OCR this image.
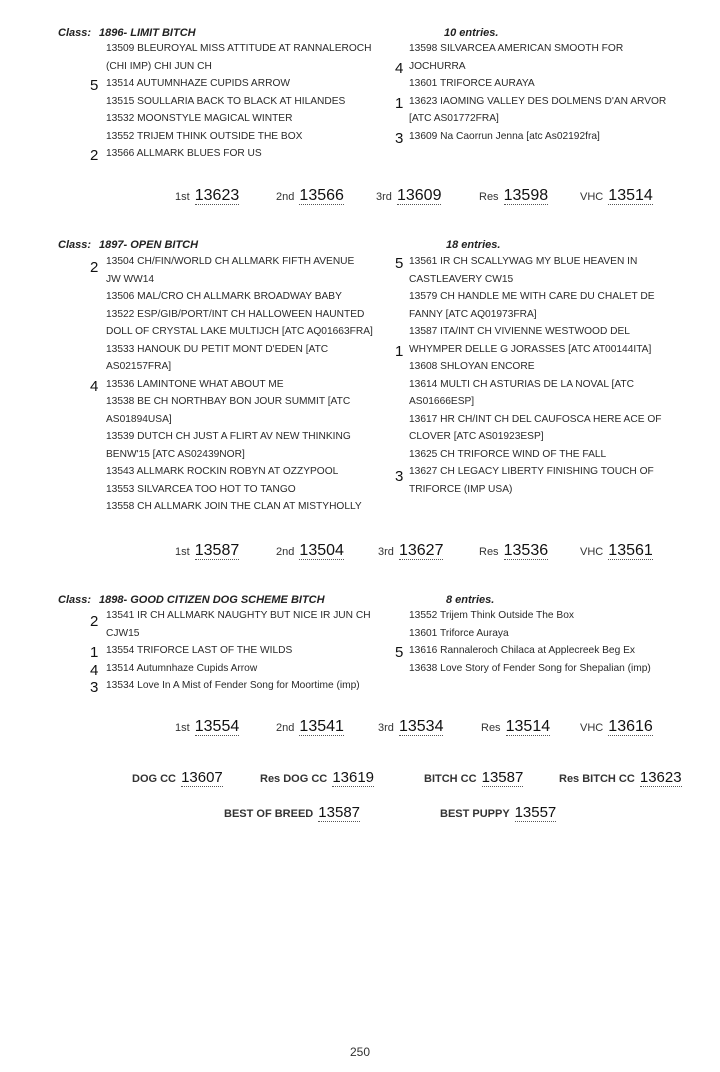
Class: 1896- LIMIT BITCH	10 entries.
13509 BLEUROYAL MISS ATTITUDE AT RANNALEROCH
(CHI IMP) CHI JUN CH
5 13514 AUTUMNHAZE CUPIDS ARROW
13515 SOULLARIA BACK TO BLACK AT HILANDES
13532 MOONSTYLE MAGICAL WINTER
13552 TRIJEM THINK OUTSIDE THE BOX
2 13566 ALLMARK BLUES FOR US
13598 SILVARCEA AMERICAN SMOOTH FOR
4 JOCHURRA
13601 TRIFORCE AURAYA
1 13623 IAOMING VALLEY DES DOLMENS D'AN ARVOR
[ATC AS01772FRA]
3 13609 Na Caorrun Jenna [atc As02192fra]
1st 13623	2nd 13566	3rd 13609	Res 13598	VHC 13514
Class: 1897- OPEN BITCH	18 entries.
2 13504 CH/FIN/WORLD CH ALLMARK FIFTH AVENUE
JW WW14
13506 MAL/CRO CH ALLMARK BROADWAY BABY
13522 ESP/GIB/PORT/INT CH HALLOWEEN HAUNTED
DOLL OF CRYSTAL LAKE MULTIJCH [ATC AQ01663FRA]
13533 HANOUK DU PETIT MONT D'EDEN [ATC
AS02157FRA]
4 13536 LAMINTONE WHAT ABOUT ME
13538 BE CH NORTHBAY BON JOUR SUMMIT [ATC
AS01894USA]
13539 DUTCH CH JUST A FLIRT AV NEW THINKING
BENW'15 [ATC AS02439NOR]
13543 ALLMARK ROCKIN ROBYN AT OZZYPOOL
13553 SILVARCEA TOO HOT TO TANGO
13558 CH ALLMARK JOIN THE CLAN AT MISTYHOLLY
5 13561 IR CH SCALLYWAG MY BLUE HEAVEN IN
CASTLEAVERY CW15
13579 CH HANDLE ME WITH CARE DU CHALET DE
FANNY [ATC AQ01973FRA]
13587 ITA/INT CH VIVIENNE WESTWOOD DEL
1 WHYMPER DELLE G JORASSES [ATC AT00144ITA]
13608 SHLOYAN ENCORE
13614 MULTI CH ASTURIAS DE LA NOVAL [ATC
AS01666ESP]
13617 HR CH/INT CH DEL CAUFOSCA HERE ACE OF
CLOVER [ATC AS01923ESP]
13625 CH TRIFORCE WIND OF THE FALL
3 13627 CH LEGACY LIBERTY FINISHING TOUCH OF
TRIFORCE (IMP USA)
1st 13587	2nd 13504	3rd 13627	Res 13536	VHC 13561
Class: 1898- GOOD CITIZEN DOG SCHEME BITCH	8 entries.
2 13541 IR CH ALLMARK NAUGHTY BUT NICE IR JUN CH
CJW15
1 13554 TRIFORCE LAST OF THE WILDS
4 13514 Autumnhaze Cupids Arrow
3 13534 Love In A Mist of Fender Song for Moortime (imp)
13552 Trijem Think Outside The Box
13601 Triforce Auraya
5 13616 Rannaleroch Chilaca at Applecreek Beg Ex
13638 Love Story of Fender Song for Shepalian (imp)
1st 13554	2nd 13541	3rd 13534	Res 13514	VHC 13616
DOG CC 13607	Res DOG CC 13619	BITCH CC 13587	Res BITCH CC 13623
BEST OF BREED 13587	BEST PUPPY 13557
250
